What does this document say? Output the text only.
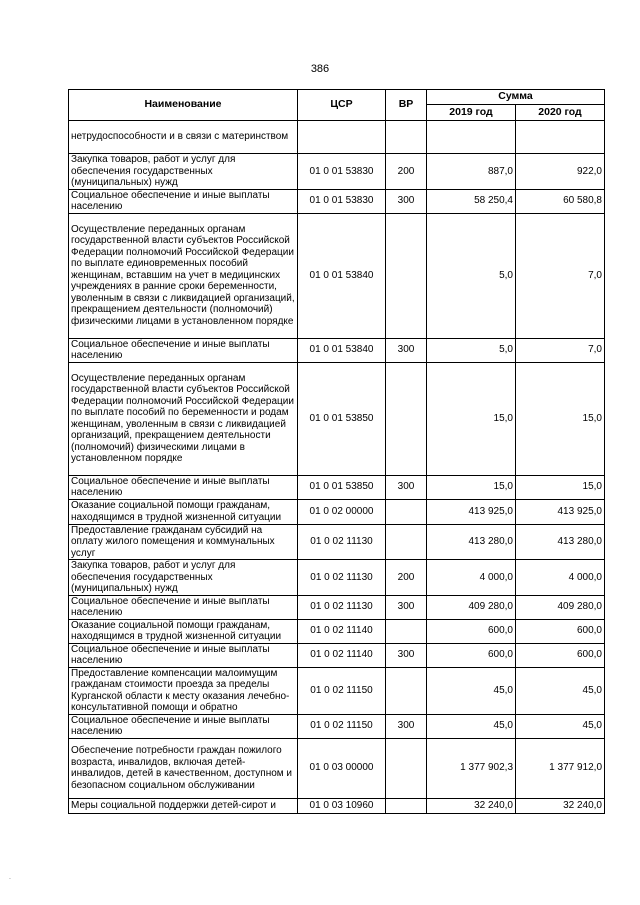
386
Наименование	ЦСР	ВР	Сумма	
			2019 год	2020 год
нетрудоспособности и в связи с материнством				
Закупка товаров, работ и услуг для обеспечения государственных (муниципальных) нужд	01 0 01 53830	200	887,0	922,0
Социальное обеспечение и иные выплаты населению	01 0 01 53830	300	58 250,4	60 580,8
Осуществление переданных органам государственной власти субъектов Российской Федерации полномочий Российской Федерации по выплате единовременных пособий женщинам, вставшим на учет в медицинских учреждениях в ранние сроки беременности, уволенным в связи с ликвидацией организаций, прекращением деятельности (полномочий) физическими лицами в установленном порядке	01 0 01 53840		5,0	7,0
Социальное обеспечение и иные выплаты населению	01 0 01 53840	300	5,0	7,0
Осуществление переданных органам государственной власти субъектов Российской Федерации полномочий Российской Федерации по выплате пособий по беременности и родам женщинам, уволенным в связи с ликвидацией организаций, прекращением деятельности (полномочий) физическими лицами в установленном порядке	01 0 01 53850		15,0	15,0
Социальное обеспечение и иные выплаты населению	01 0 01 53850	300	15,0	15,0
Оказание социальной помощи гражданам, находящимся в трудной жизненной ситуации	01 0 02 00000		413 925,0	413 925,0
Предоставление гражданам субсидий на оплату жилого помещения и коммунальных услуг	01 0 02 11130		413 280,0	413 280,0
Закупка товаров, работ и услуг для обеспечения государственных (муниципальных) нужд	01 0 02 11130	200	4 000,0	4 000,0
Социальное обеспечение и иные выплаты населению	01 0 02 11130	300	409 280,0	409 280,0
Оказание социальной помощи гражданам, находящимся в трудной жизненной ситуации	01 0 02 11140		600,0	600,0
Социальное обеспечение и иные выплаты населению	01 0 02 11140	300	600,0	600,0
Предоставление компенсации малоимущим гражданам стоимости проезда за пределы Курганской области к месту оказания лечебно-консультативной помощи и обратно	01 0 02 11150		45,0	45,0
Социальное обеспечение и иные выплаты населению	01 0 02 11150	300	45,0	45,0
Обеспечение потребности граждан пожилого возраста, инвалидов, включая детей-инвалидов, детей в качественном, доступном и безопасном социальном обслуживании	01 0 03 00000		1 377 902,3	1 377 912,0
Меры социальной поддержки детей-сирот и	01 0 03 10960		32 240,0	32 240,0
.
